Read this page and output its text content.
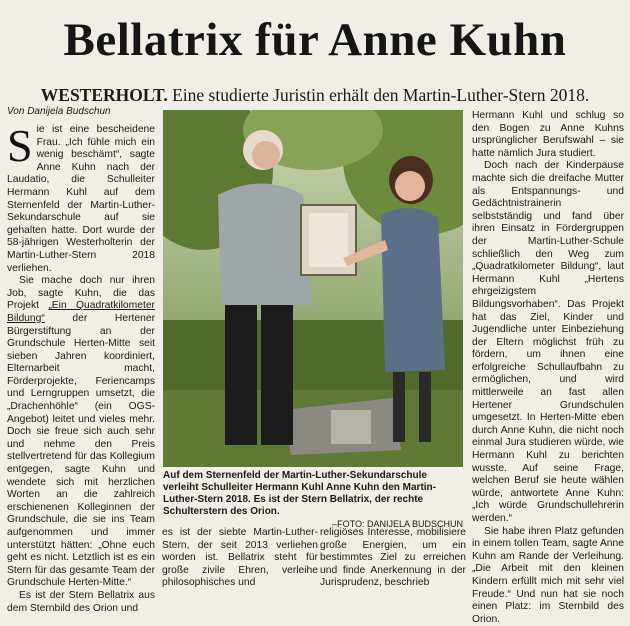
Bellatrix für Anne Kuhn
WESTERHOLT. Eine studierte Juristin erhält den Martin-Luther-Stern 2018.
Von Danijela Budschun

Sie ist eine bescheidene Frau. „Ich fühle mich ein wenig beschämt“, sagte Anne Kuhn nach der Laudatio, die Schulleiter Hermann Kuhl auf dem Sternenfeld der Martin-Luther-Sekundarschule auf sie gehalten hatte. Dort wurde der 58-jährigen Westerholterin der Martin-Luther-Stern 2018 verliehen.

Sie mache doch nur ihren Job, sagte Kuhn, die das Projekt „Ein Quadratkilometer Bildung“ der Hertener Bürgerstiftung an der Grundschule Herten-Mitte seit sieben Jahren koordiniert, Elternarbeit macht, Förderprojekte, Feriencamps und Lerngruppen umsetzt, die „Drachenhöhle“ (ein OGS-Angebot) leitet und vieles mehr. Doch sie freue sich auch sehr und nehme den Preis stellvertretend für das Kollegium entgegen, sagte Kuhn und wendete sich mit herzlichen Worten an die zahlreich erschienenen Kolleginnen der Grundschule, die sie ins Team aufgenommen und immer unterstützt hätten: „Ohne euch geht es nicht. Letztlich ist es ein Stern für das gesamte Team der Grundschule Herten-Mitte.“

Es ist der Stern Bellatrix aus dem Sternbild des Orion und

Auf dem Sternenfeld der Martin-Luther-Sekundarschule verleiht Schulleiter Hermann Kuhl Anne Kuhn den Martin-Luther-Stern 2018. Es ist der Stern Bellatrix, der rechte Schulterstern des Orion.
–FOTO: DANIJELA BUDSCHUN

es ist der siebte Martin-Luther-Stern, der seit 2013 verliehen worden ist. Bellatrix steht für große zivile Ehren, verleihe philosophisches und

religiöses Interesse, mobilisiere große Energien, um ein bestimmtes Ziel zu erreichen und finde Anerkennung in der Jurisprudenz, beschrieb

Hermann Kuhl und schlug so den Bogen zu Anne Kuhns ursprünglicher Berufswahl – sie hatte nämlich Jura studiert.

Doch nach der Kinderpause machte sich die dreifache Mutter als Entspannungs- und Gedächtnistrainerin selbstständig und fand über ihren Einsatz in Fördergruppen der Martin-Luther-Schule schließlich den Weg zum „Quadratkilometer Bildung“, laut Hermann Kuhl „Hertens ehrgeizigstem Bildungsvorhaben“. Das Projekt hat das Ziel, Kinder und Jugendliche unter Einbeziehung der Eltern möglichst früh zu fördern, um ihnen eine erfolgreiche Schullaufbahn zu ermöglichen, und wird mittlerweile an fast allen Hertener Grundschulen umgesetzt. In Herten-Mitte eben durch Anne Kuhn, die nicht noch einmal Jura studieren würde, wie Hermann Kuhl zu berichten wusste. Auf seine Frage, welchen Beruf sie heute wählen würde, antwortete Anne Kuhn: „Ich würde Grundschullehrerin werden.“

Sie habe ihren Platz gefunden in einem tollen Team, sagte Anne Kuhn am Rande der Verleihung. „Die Arbeit mit den kleinen Kindern erfüllt mich mit sehr viel Freude.“ Und nun hat sie noch einen Platz: im Sternbild des Orion.
